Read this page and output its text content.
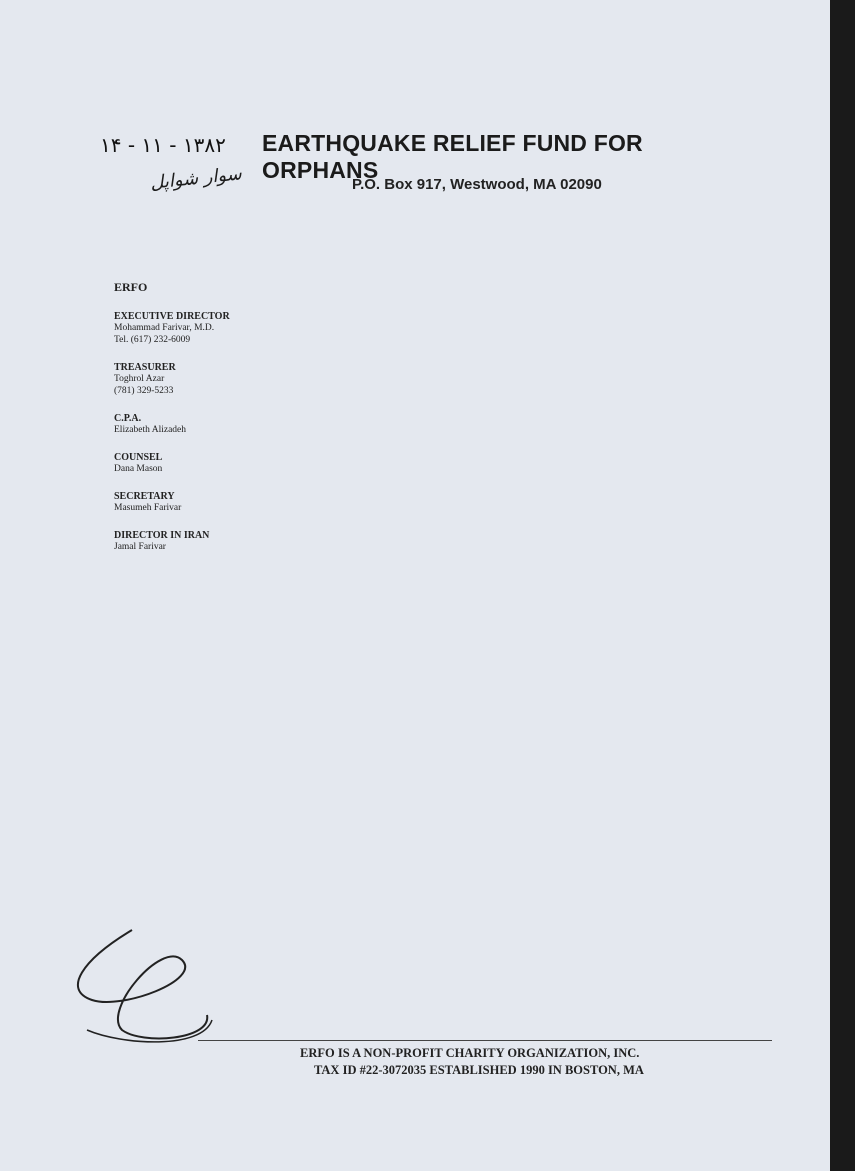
۱۳۸۲ - ۱۱ - ۱۴
سوار شواپل
EARTHQUAKE RELIEF FUND FOR ORPHANS
P.O. Box 917, Westwood, MA 02090
ERFO
EXECUTIVE DIRECTOR
Mohammad Farivar, M.D.
Tel. (617) 232-6009
TREASURER
Toghrol Azar
(781) 329-5233
C.P.A.
Elizabeth Alizadeh
COUNSEL
Dana Mason
SECRETARY
Masumeh Farivar
DIRECTOR IN IRAN
Jamal Farivar
ERFO IS A NON-PROFIT CHARITY ORGANIZATION, INC.
TAX ID #22-3072035 ESTABLISHED 1990 IN BOSTON, MA
